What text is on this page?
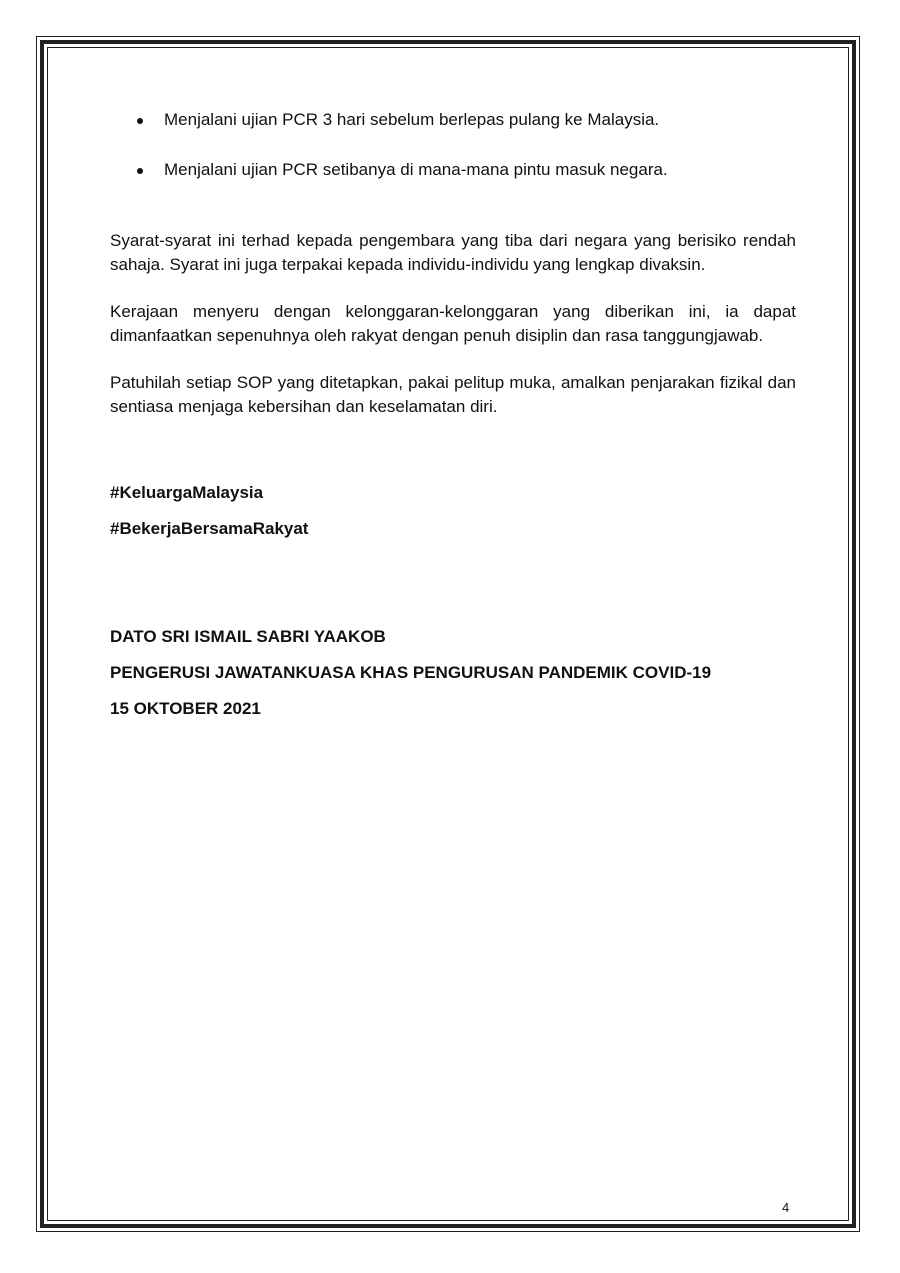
Menjalani ujian PCR 3 hari sebelum berlepas pulang ke Malaysia.
Menjalani ujian PCR setibanya di mana-mana pintu masuk negara.

Syarat-syarat ini terhad kepada pengembara yang tiba dari negara yang berisiko rendah sahaja. Syarat ini juga terpakai kepada individu-individu yang lengkap divaksin.

Kerajaan menyeru dengan kelonggaran-kelonggaran yang diberikan ini, ia dapat dimanfaatkan sepenuhnya oleh rakyat dengan penuh disiplin dan rasa tanggungjawab.

Patuhilah setiap SOP yang ditetapkan, pakai pelitup muka, amalkan penjarakan fizikal dan sentiasa menjaga kebersihan dan keselamatan diri.

#KeluargaMalaysia

#BekerjaBersamaRakyat

DATO SRI ISMAIL SABRI YAAKOB

PENGERUSI JAWATANKUASA KHAS PENGURUSAN PANDEMIK COVID-19

15 OKTOBER 2021

4
